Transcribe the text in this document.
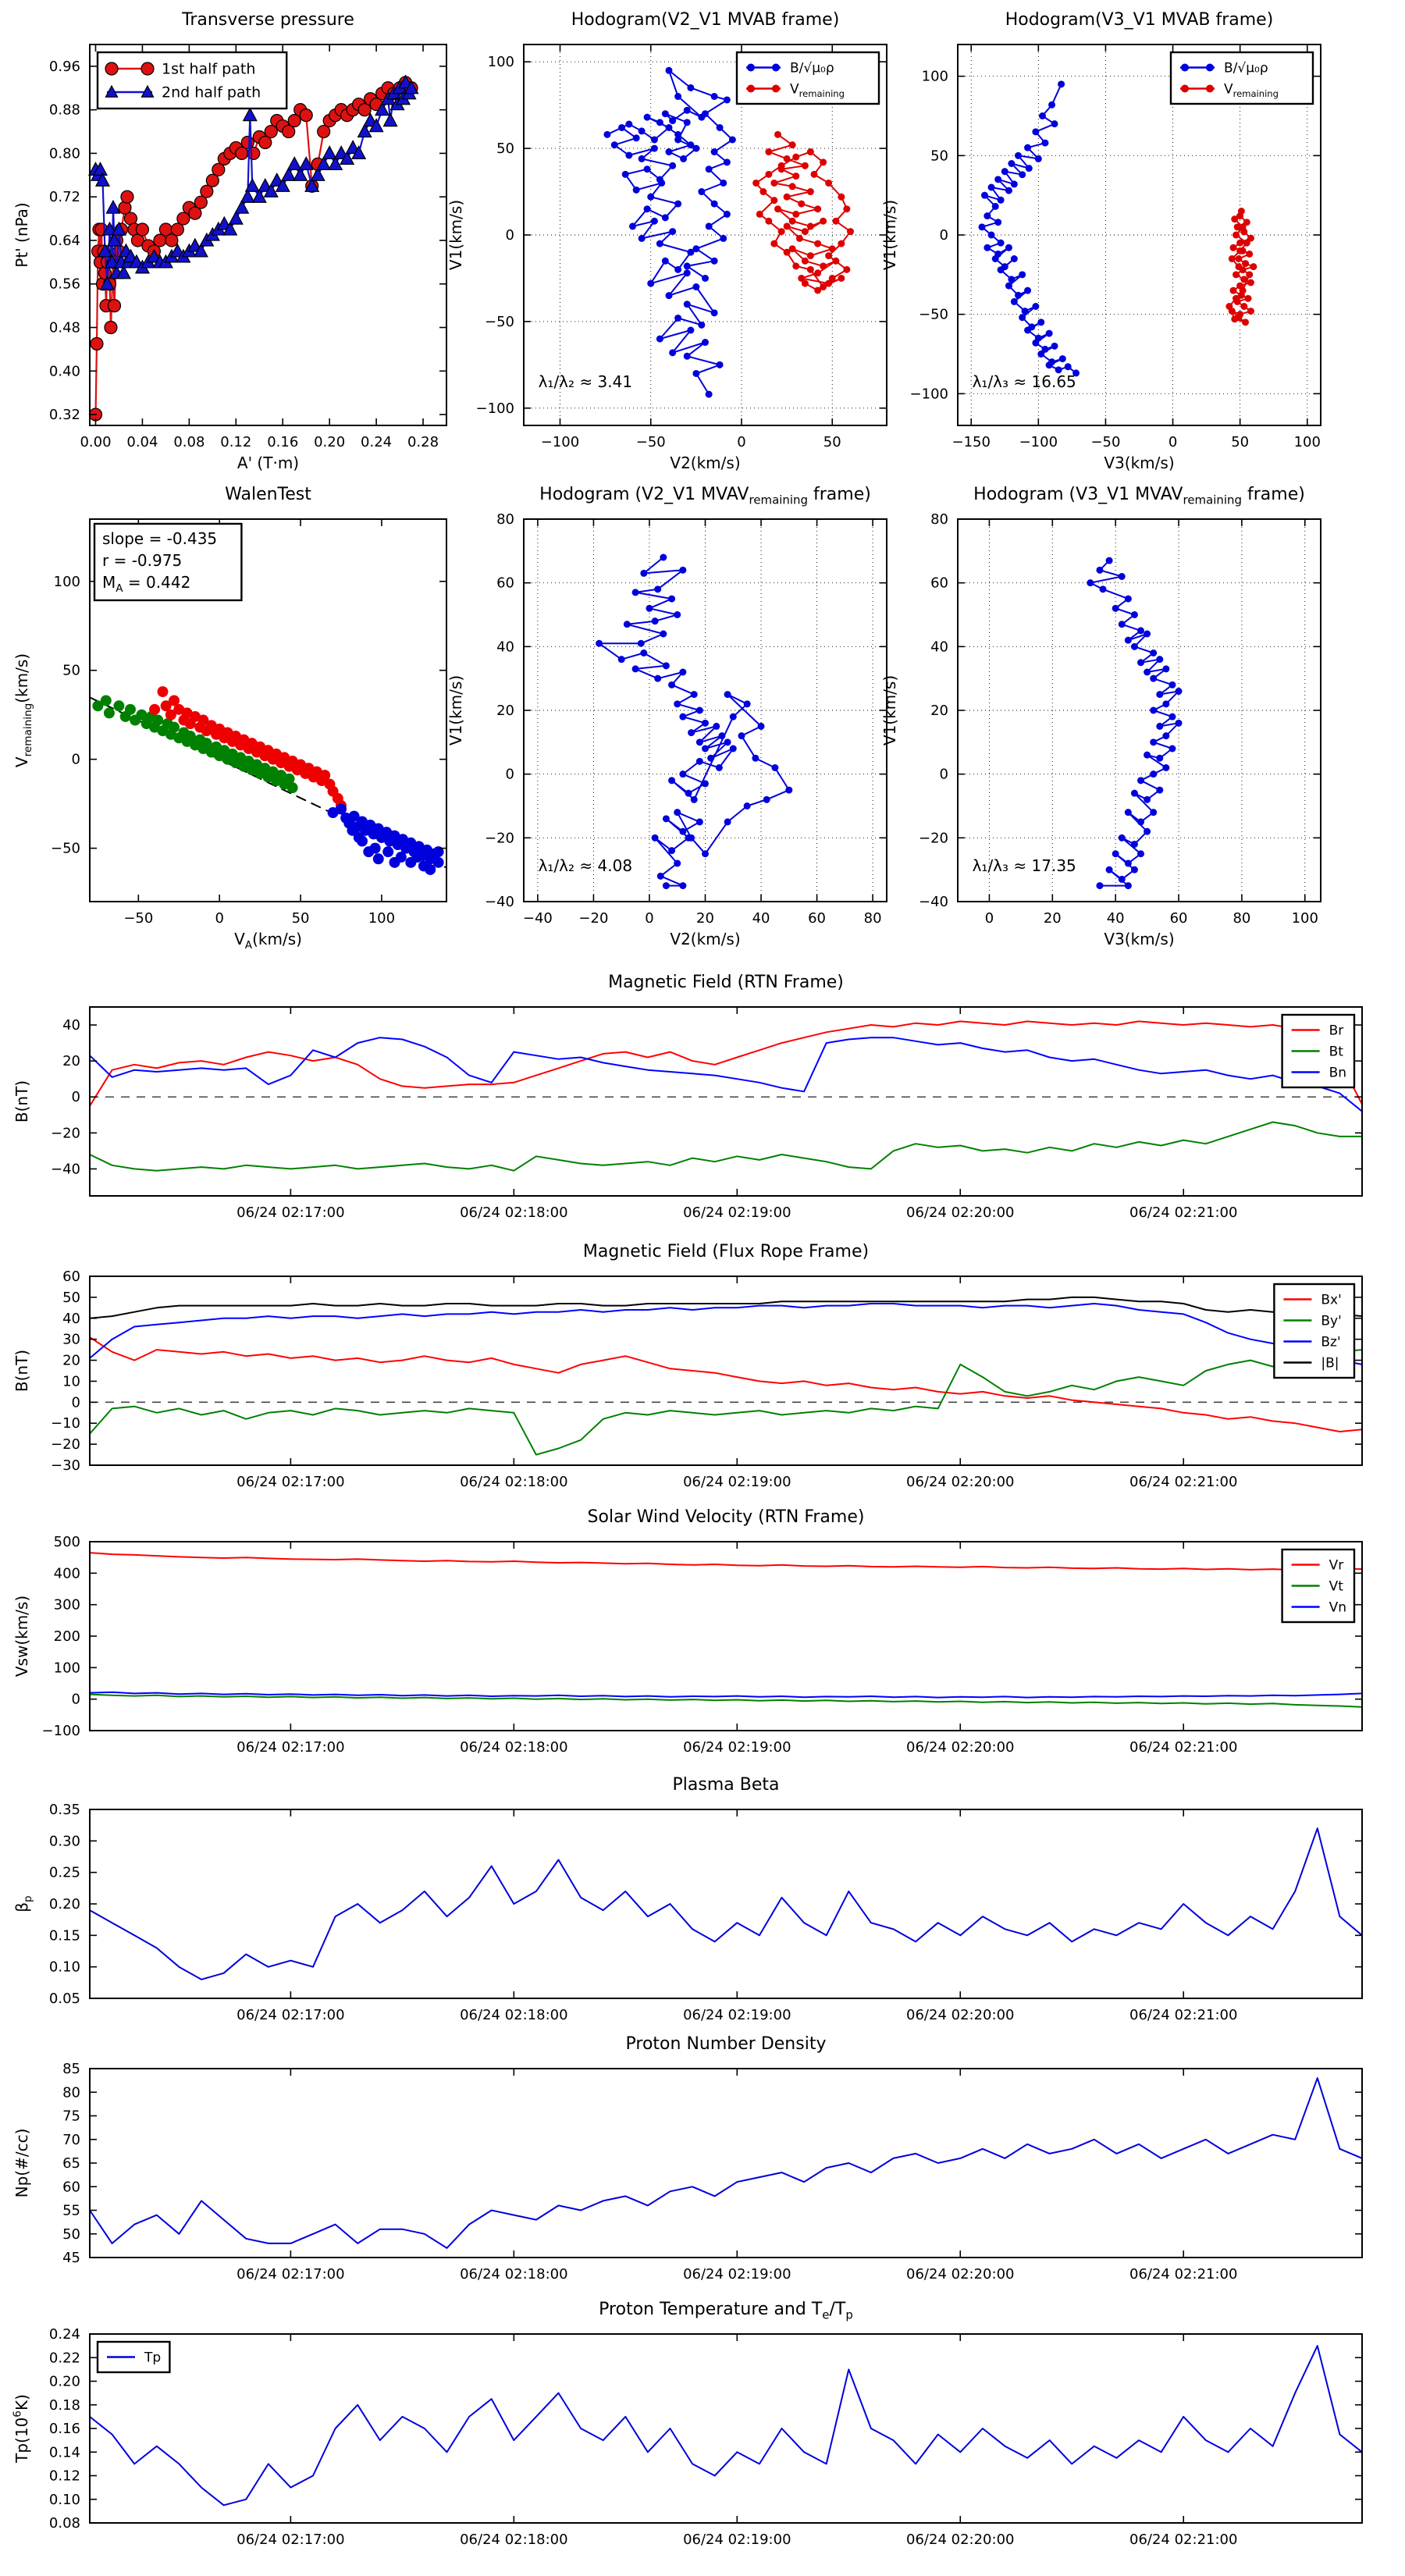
Transverse pressure
0.00 0.04 0.08 0.12 0.16 0.20 0.24 0.28
0.32
0.40
0.48
0.56
0.64
0.72
0.80
0.88
0.96
Pt' (nPa)
1st half path
2nd half path
A' (T·m)
Hodogram(V2_V1 MVAB frame)
−100	−50	0	50
−100
−50
0
50
100
V1(km/s)
B/√μ₀ρ
$V_{remaining}$
λ₁/λ₂ ≈ 3.41
V2(km/s)
Hodogram(V3_V1 MVAB frame)
−150 −100 −50	0	50	100
−100
−50
0
50
100
V1(km/s)
B/√μ₀ρ
$V_{remaining}$
λ₁/λ₃ ≈ 16.65
V3(km/s)
WalenTest
−50	0	50	100
−50
0
50
100
$V_{remaining}(km/s)$
slope = -0.435
r = -0.975
$M_A = 0.442$
$V_A(km/s)$
Hodogram (V2_V1 $MVAV_{remaining}$ frame)
−40 −20	0	20	40	60	80
−40
−20
0
20
40
60
80
V1(km/s)
λ₁/λ₂ ≈ 4.08
V2(km/s)
Hodogram (V3_V1 $MVAV_{remaining}$ frame)
0	20	40	60	80	100
−40
−20
0
20
40
60
80
V1(km/s)
λ₁/λ₃ ≈ 17.35
V3(km/s)
Magnetic Field (RTN Frame)
06/24 02:17:00	06/24 02:18:00	06/24 02:19:00	06/24 02:20:00	06/24 02:21:00
−40
−20
0
20
40
B(nT)
Br
Bt
Bn
Magnetic Field (Flux Rope Frame)
06/24 02:17:00	06/24 02:18:00	06/24 02:19:00	06/24 02:20:00	06/24 02:21:00
−30
−20
−10
0
10
20
30
40
50
60
B(nT)
Bx'
By'
Bz'
|B|
Solar Wind Velocity (RTN Frame)
06/24 02:17:00	06/24 02:18:00	06/24 02:19:00	06/24 02:20:00	06/24 02:21:00
−100
0
100
200
300
400
500
Vsw(km/s)
Vr
Vt
Vn
Plasma Beta
06/24 02:17:00	06/24 02:18:00	06/24 02:19:00	06/24 02:20:00	06/24 02:21:00
0.05
0.10
0.15
0.20
0.25
0.30
0.35
$\beta_p$
Proton Number Density
06/24 02:17:00	06/24 02:18:00	06/24 02:19:00	06/24 02:20:00	06/24 02:21:00
45
50
55
60
65
70
75
80
85
Np(#/cc)
Proton Temperature and $T_e/T_p$
06/24 02:17:00	06/24 02:18:00	06/24 02:19:00	06/24 02:20:00	06/24 02:21:00
0.08
0.10
0.12
0.14
0.16
0.18
0.20
0.22
0.24
$Tp(10^6K)$
Tp
